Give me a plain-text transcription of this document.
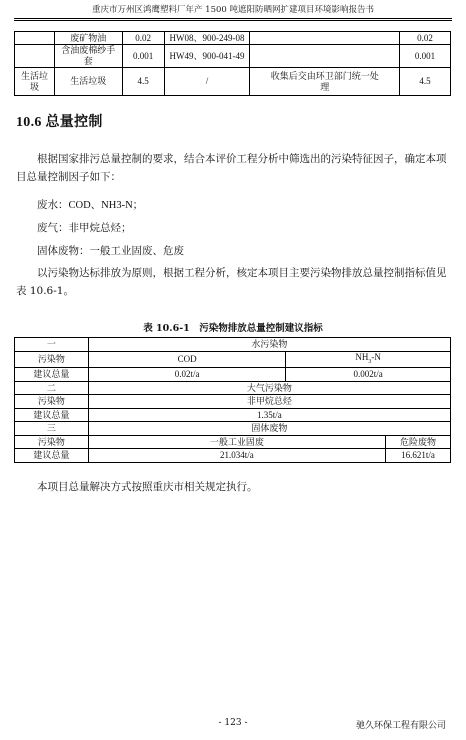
重庆市万州区鸿鹰塑料厂年产 1500 吨遮阳防晒网扩建项目环境影响报告书
	废矿物油	0.02	HW08、900-249-08		0.02
	含油废棉纱手套	0.001	HW49、900-041-49		0.001
生活垃圾	生活垃圾	4.5	/	收集后交由环卫部门统一处理	4.5
10.6 总量控制
根据国家排污总量控制的要求，结合本评价工程分析中筛选出的污染特征因子，确定本项目总量控制因子如下：
废水：COD、NH3-N；
废气：非甲烷总烃；
固体废物：一般工业固废、危废
以污染物达标排放为原则，根据工程分析，核定本项目主要污染物排放总量控制指标值见表 10.6-1。
表 10.6-1　污染物排放总量控制建议指标
一	水污染物		
污染物	COD	$NH_3-N$	
建议总量	0.02t/a	0.002t/a	
二	大气污染物		
污染物	非甲烷总烃		
建议总量	1.35t/a		
三	固体废物		
污染物	一般工业固废		危险废物
建议总量	21.034t/a		16.621t/a
本项目总量解决方式按照重庆市相关规定执行。
- 123 -	驰久环保工程有限公司
